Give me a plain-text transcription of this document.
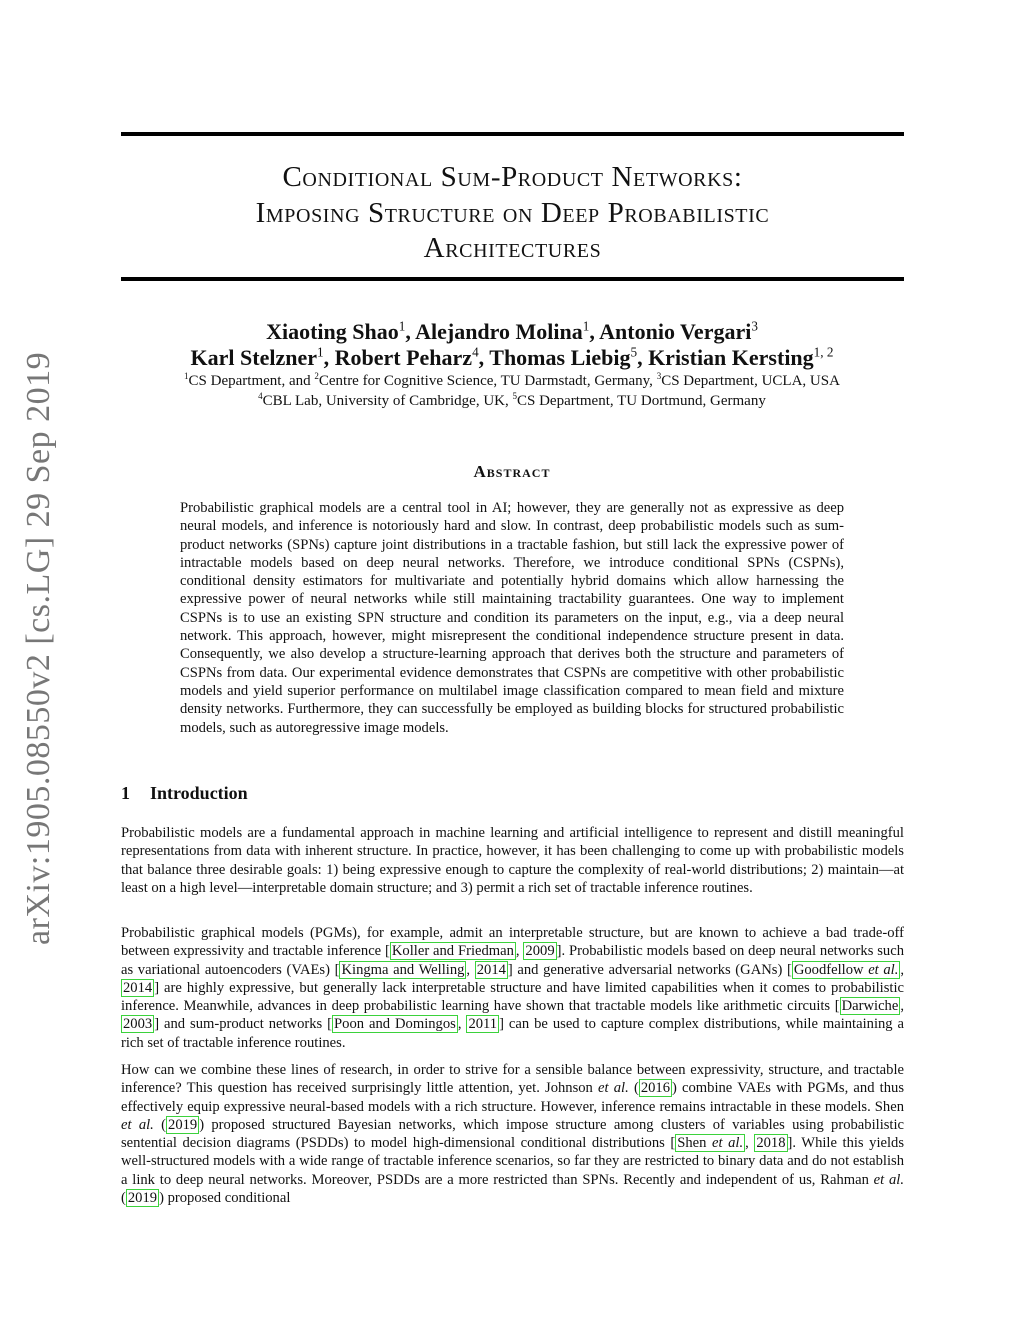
Conditional Sum-Product Networks:
Imposing Structure on Deep Probabilistic
Architectures
Xiaoting Shao$^1$, Alejandro Molina$^1$, Antonio Vergari$^3$
Karl Stelzner$^1$, Robert Peharz$^4$, Thomas Liebig$^5$, Kristian Kersting$^{1, 2}$
$^1$CS Department, and $^2$Centre for Cognitive Science, TU Darmstadt, Germany, $^3$CS Department, UCLA, USA
$^4$CBL Lab, University of Cambridge, UK, $^5$CS Department, TU Dortmund, Germany
Abstract
Probabilistic graphical models are a central tool in AI; however, they are generally not as expressive as deep neural models, and inference is notoriously hard and slow. In contrast, deep probabilistic models such as sum-product networks (SPNs) capture joint distributions in a tractable fashion, but still lack the expressive power of intractable models based on deep neural networks. Therefore, we introduce conditional SPNs (CSPNs), conditional density estimators for multivariate and potentially hybrid domains which allow harnessing the expressive power of neural networks while still maintaining tractability guarantees. One way to implement CSPNs is to use an existing SPN structure and condition its parameters on the input, e.g., via a deep neural network. This approach, however, might misrepresent the conditional independence structure present in data. Consequently, we also develop a structure-learning approach that derives both the structure and parameters of CSPNs from data. Our experimental evidence demonstrates that CSPNs are competitive with other probabilistic models and yield superior performance on multilabel image classification compared to mean field and mixture density networks. Furthermore, they can successfully be employed as building blocks for structured probabilistic models, such as autoregressive image models.
1 Introduction

Probabilistic models are a fundamental approach in machine learning and artificial intelligence to represent and distill meaningful representations from data with inherent structure. In practice, however, it has been challenging to come up with probabilistic models that balance three desirable goals: 1) being expressive enough to capture the complexity of real-world distributions; 2) maintain—at least on a high level—interpretable domain structure; and 3) permit a rich set of tractable inference routines.

Probabilistic graphical models (PGMs), for example, admit an interpretable structure, but are known to achieve a bad trade-off between expressivity and tractable inference [ Koller and Friedman , 2009 ]. Probabilistic models based on deep neural networks such as variational autoencoders (VAEs) [ Kingma and Welling , 2014 ] and generative adversarial networks (GANs) [ Goodfellow et al. , 2014 ] are highly expressive, but generally lack interpretable structure and have limited capabilities when it comes to probabilistic inference. Meanwhile, advances in deep probabilistic learning have shown that tractable models like arithmetic circuits [ Darwiche , 2003 ] and sum-product networks [ Poon and Domingos , 2011 ] can be used to capture complex distributions, while maintaining a rich set of tractable inference routines.

How can we combine these lines of research, in order to strive for a sensible balance between expressivity, structure, and tractable inference? This question has received surprisingly little attention, yet. Johnson et al. ( 2016 ) combine VAEs with PGMs, and thus effectively equip expressive neural-based models with a rich structure. However, inference remains intractable in these models. Shen et al. ( 2019 ) proposed structured Bayesian networks, which impose structure among clusters of variables using probabilistic sentential decision diagrams (PSDDs) to model high-dimensional conditional distributions [ Shen et al. , 2018 ]. While this yields well-structured models with a wide range of tractable inference scenarios, so far they are restricted to binary data and do not establish a link to deep neural networks. Moreover, PSDDs are a more restricted than SPNs. Recently and independent of us, Rahman et al. ( 2019 ) proposed conditional

arXiv:1905.08550v2 [cs.LG] 29 Sep 2019
